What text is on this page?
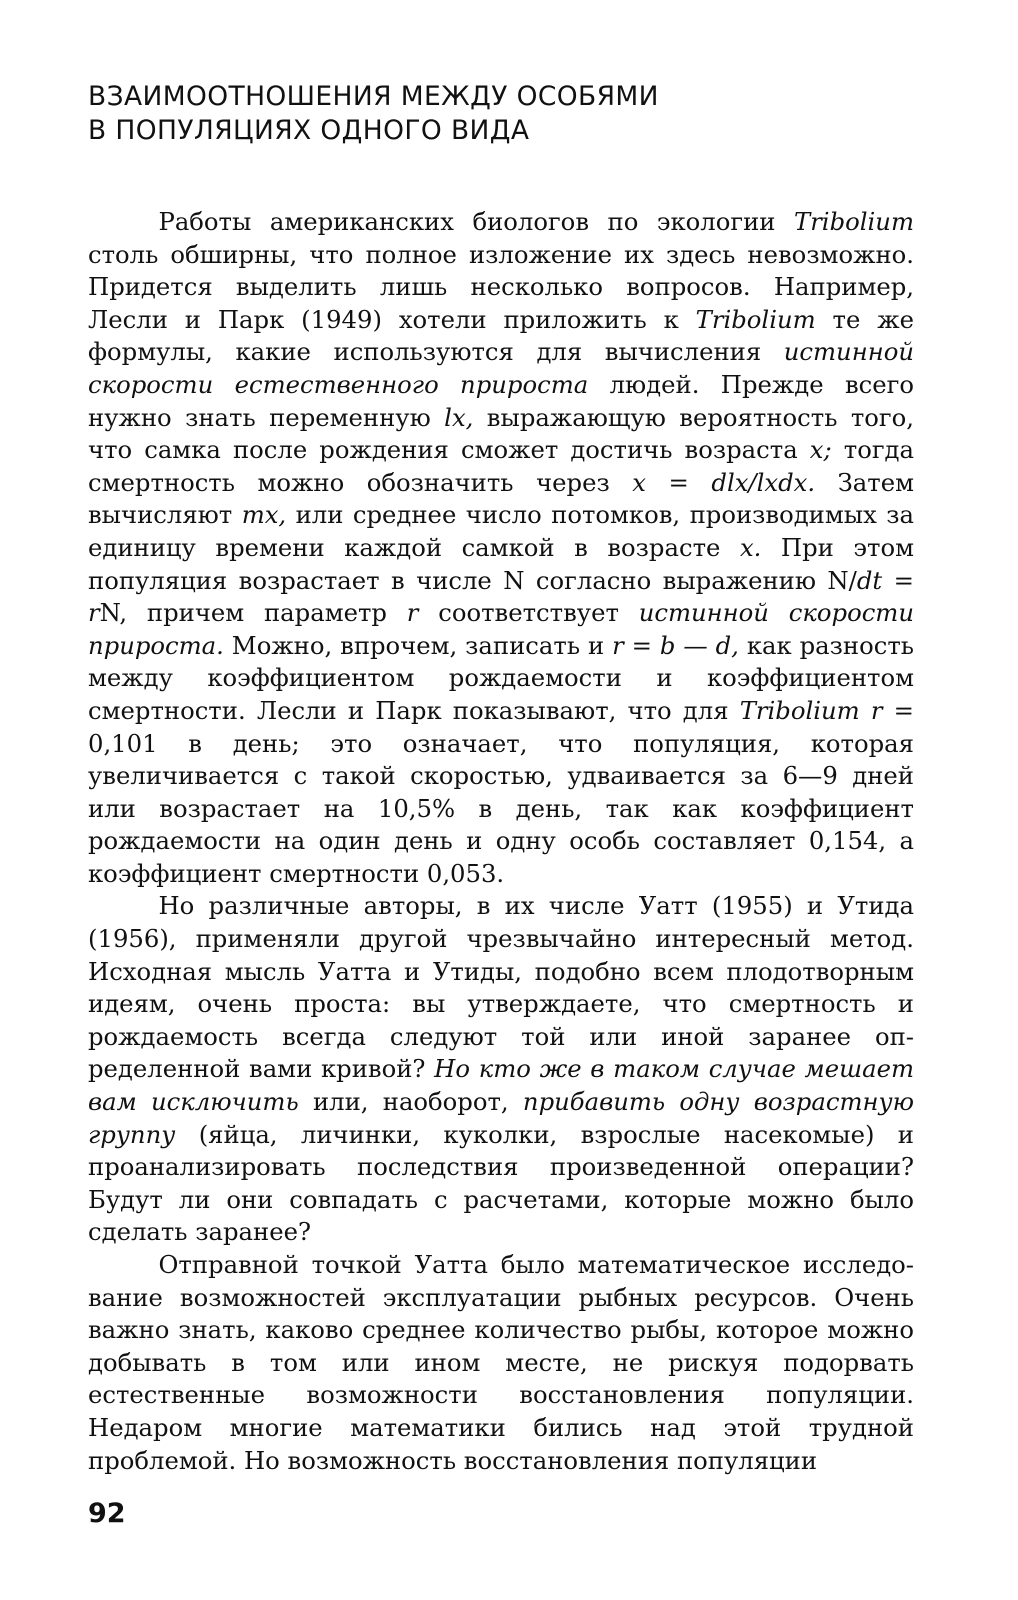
ВЗАИМООТНОШЕНИЯ МЕЖДУ ОСОБЯМИ
В ПОПУЛЯЦИЯХ ОДНОГО ВИДА

Работы американских биологов по экологии Tribolium столь обширны, что полное изложение их здесь невозможно. Придется выделить лишь несколько вопросов. Например, Лесли и Парк (1949) хотели приложить к Tribolium те же формулы, какие используются для вычисления истинной скорости естественного прироста людей. Прежде всего нужно знать переменную lx, выражающую вероятность того, что самка после рождения сможет достичь возраста x; тогда смертность можно обозначить через x = dlx/lxdx. Затем вычисляют mx, или среднее число потомков, производимых за единицу времени каждой самкой в возрасте x. При этом популяция возрастает в числе N согласно выражению N/dt = rN, причем параметр r соответствует истинной скорости прироста. Можно, впрочем, записать и r = b — d, как разность между коэффициентом рождаемости и коэффициентом смертности. Лесли и Парк показывают, что для Tribolium r = 0,101 в день; это означает, что популяция, которая увеличивается с такой скоростью, удваивается за 6—9 дней или возрастает на 10,5% в день, так как коэффициент рождаемости на один день и одну особь составляет 0,154, а коэффициент смертности 0,053.

Но различные авторы, в их числе Уатт (1955) и Утида (1956), применяли другой чрезвычайно интересный метод. Исходная мысль Уатта и Утиды, подобно всем плодотворным идеям, очень проста: вы утверждаете, что смертность и рождаемость всегда следуют той или иной заранее определенной вами кривой? Но кто же в таком случае мешает вам исключить или, наоборот, прибавить одну возрастную группу (яйца, личинки, куколки, взрослые насекомые) и проанализировать последствия произведенной операции? Будут ли они совпадать с расчетами, которые можно было сделать заранее?

Отправной точкой Уатта было математическое исследование возможностей эксплуатации рыбных ресурсов. Очень важно знать, каково среднее количество рыбы, которое можно добывать в том или ином месте, не рискуя подорвать естественные возможности восстановления популяции. Недаром многие математики бились над этой трудной проблемой. Но возможность восстановления популяции

92
